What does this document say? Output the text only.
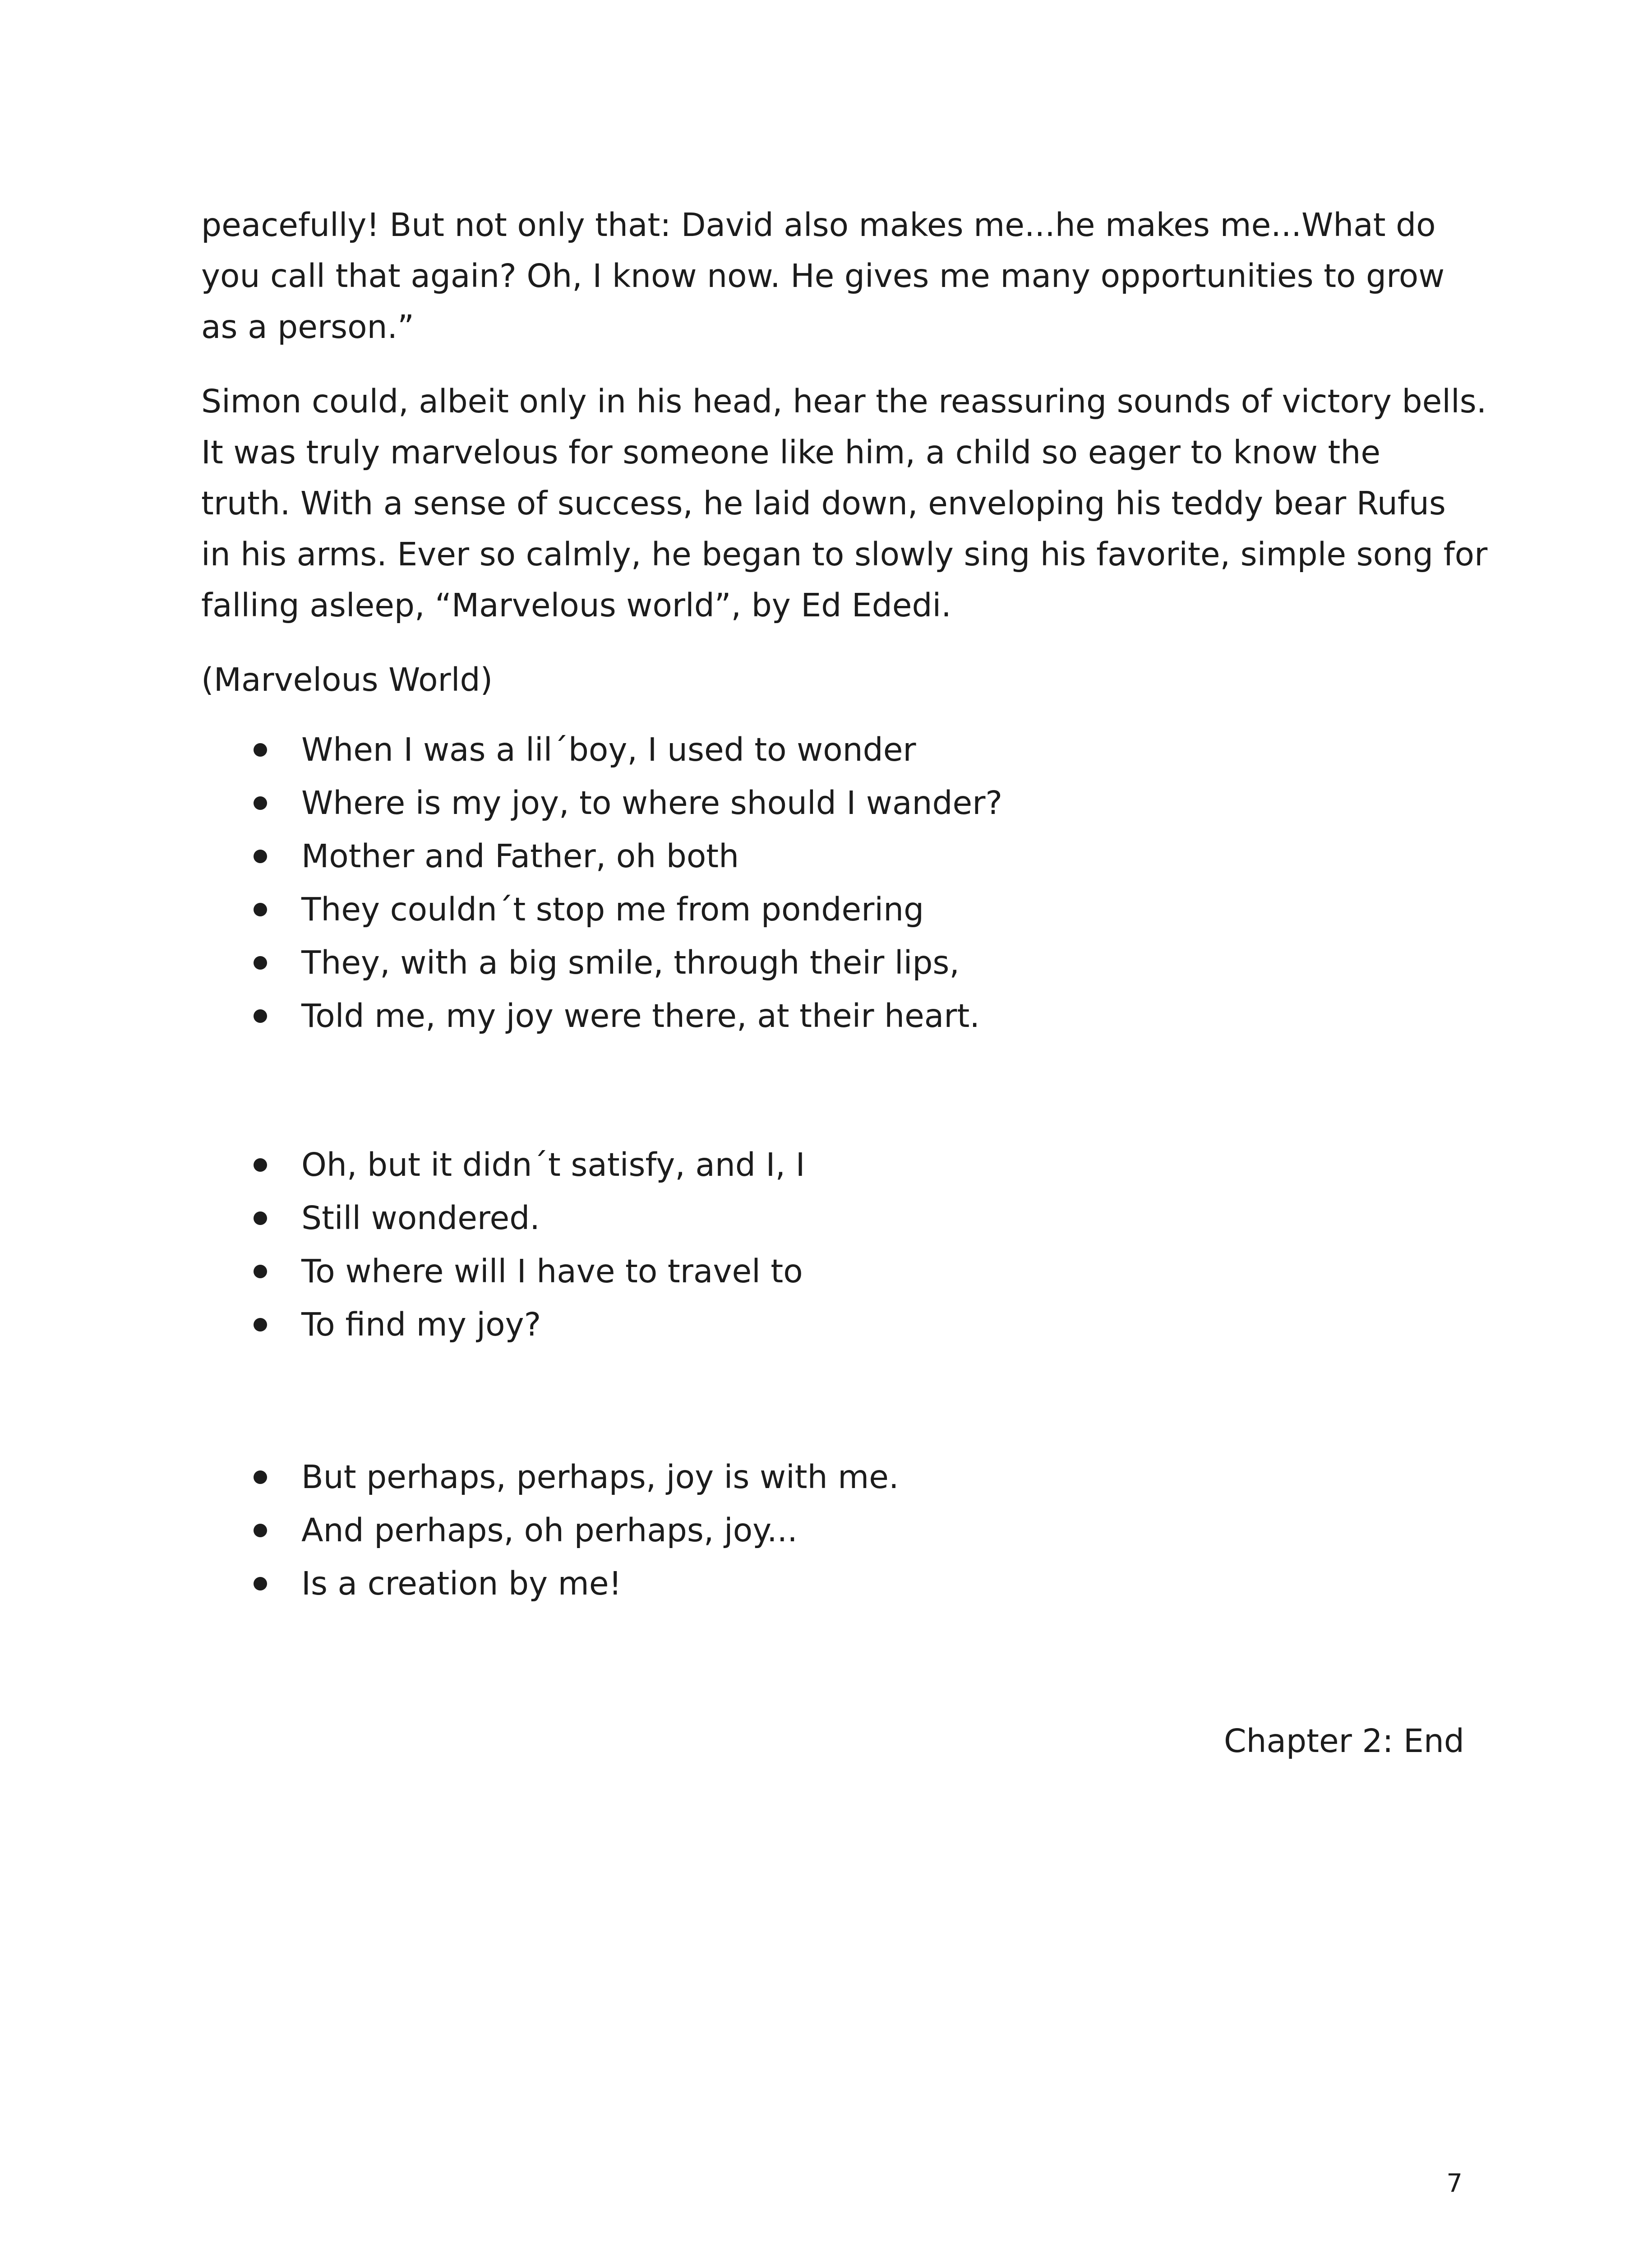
peacefully! But not only that: David also makes me...he makes me...What do

you call that again? Oh, I know now. He gives me many opportunities to grow

as a person.”

Simon could, albeit only in his head, hear the reassuring sounds of victory bells.

It was truly marvelous for someone like him, a child so eager to know the

truth. With a sense of success, he laid down, enveloping his teddy bear Rufus

in his arms. Ever so calmly, he began to slowly sing his favorite, simple song for

falling asleep, “Marvelous world”, by Ed Ededi.

(Marvelous World)

When I was a lil´boy, I used to wonder
Where is my joy, to where should I wander?
Mother and Father, oh both
They couldn´t stop me from pondering
They, with a big smile, through their lips,
Told me, my joy were there, at their heart.
Oh, but it didn´t satisfy, and I, I
Still wondered.
To where will I have to travel to
To find my joy?
But perhaps, perhaps, joy is with me.
And perhaps, oh perhaps, joy...
Is a creation by me!
Chapter 2: End
7
